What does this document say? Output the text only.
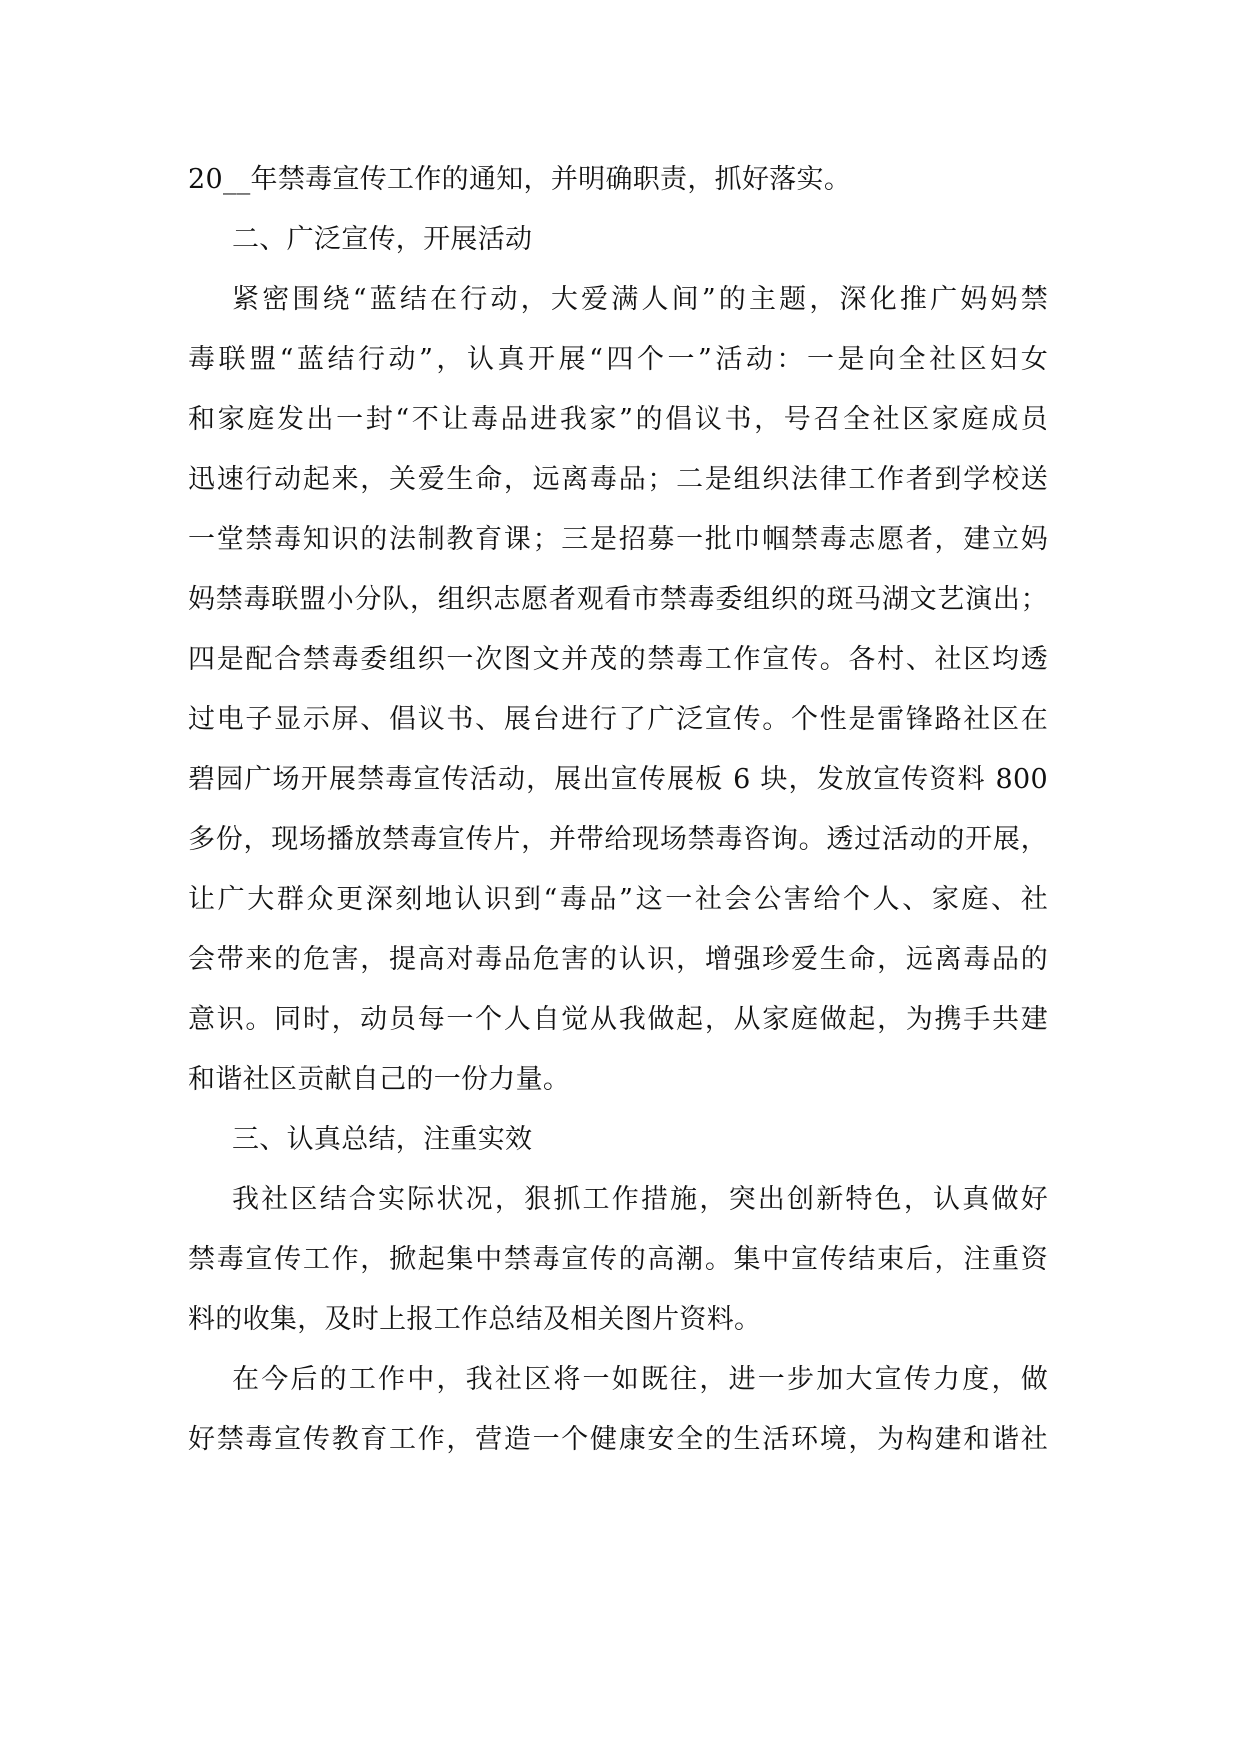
20__年禁毒宣传工作的通知，并明确职责，抓好落实。
二、广泛宣传，开展活动
紧密围绕“蓝结在行动，大爱满人间”的主题，深化推广妈妈禁
毒联盟“蓝结行动”，认真开展“四个一”活动：一是向全社区妇女
和家庭发出一封“不让毒品进我家”的倡议书，号召全社区家庭成员
迅速行动起来，关爱生命，远离毒品；二是组织法律工作者到学校送
一堂禁毒知识的法制教育课；三是招募一批巾帼禁毒志愿者，建立妈
妈禁毒联盟小分队，组织志愿者观看市禁毒委组织的斑马湖文艺演出；
四是配合禁毒委组织一次图文并茂的禁毒工作宣传。各村、社区均透
过电子显示屏、倡议书、展台进行了广泛宣传。个性是雷锋路社区在
碧园广场开展禁毒宣传活动，展出宣传展板 6 块，发放宣传资料 800
多份，现场播放禁毒宣传片，并带给现场禁毒咨询。透过活动的开展，
让广大群众更深刻地认识到“毒品”这一社会公害给个人、家庭、社
会带来的危害，提高对毒品危害的认识，增强珍爱生命，远离毒品的
意识。同时，动员每一个人自觉从我做起，从家庭做起，为携手共建
和谐社区贡献自己的一份力量。
三、认真总结，注重实效
我社区结合实际状况，狠抓工作措施，突出创新特色，认真做好
禁毒宣传工作，掀起集中禁毒宣传的高潮。集中宣传结束后，注重资
料的收集，及时上报工作总结及相关图片资料。
在今后的工作中，我社区将一如既往，进一步加大宣传力度，做
好禁毒宣传教育工作，营造一个健康安全的生活环境，为构建和谐社
